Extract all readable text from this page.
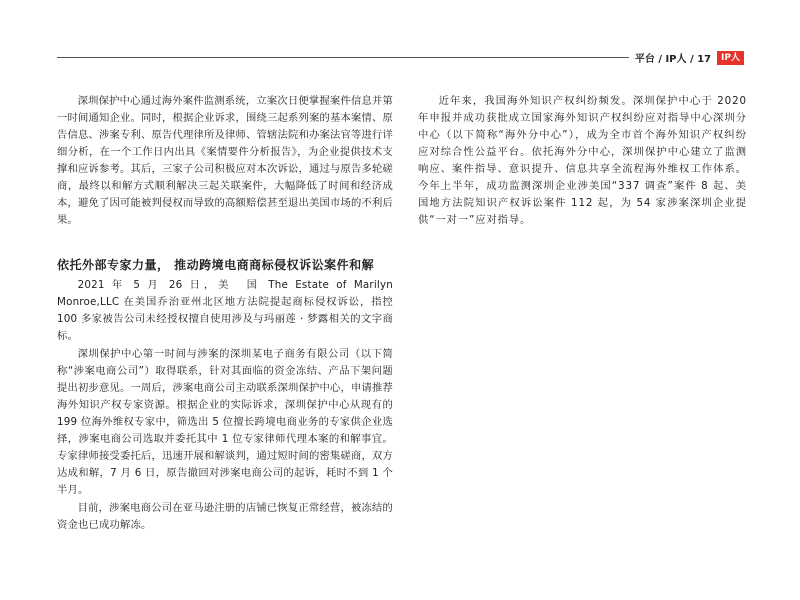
平台 / IP人 / 17	IP人

深圳保护中心通过海外案件监测系统，立案次日便掌握案件信息并第一时间通知企业。同时，根据企业诉求，围绕三起系列案的基本案情、原告信息、涉案专利、原告代理律所及律师、管辖法院和办案法官等进行详细分析，在一个工作日内出具《案情要件分析报告》，为企业提供技术支撑和应诉参考。其后，三家子公司积极应对本次诉讼，通过与原告多轮磋商，最终以和解方式顺利解决三起关联案件，大幅降低了时间和经济成本，避免了因可能被判侵权而导致的高额赔偿甚至退出美国市场的不利后果。

依托外部专家力量， 推动跨境电商商标侵权诉讼案件和解

2021 年 5 月 26 日，美　国 The Estate of Marilyn Monroe,LLC 在美国乔治亚州北区地方法院提起商标侵权诉讼，指控 100 多家被告公司未经授权擅自使用涉及与玛丽莲 · 梦露相关的文字商标。

深圳保护中心第一时间与涉案的深圳某电子商务有限公司（以下简称“涉案电商公司”）取得联系，针对其面临的资金冻结、产品下架问题提出初步意见。一周后，涉案电商公司主动联系深圳保护中心，申请推荐海外知识产权专家资源。根据企业的实际诉求，深圳保护中心从现有的 199 位海外维权专家中，筛选出 5 位擅长跨境电商业务的专家供企业选择，涉案电商公司选取并委托其中 1 位专家律师代理本案的和解事宜。专家律师接受委托后，迅速开展和解谈判，通过短时间的密集磋商，双方达成和解，7 月 6 日，原告撤回对涉案电商公司的起诉，耗时不到 1 个半月。

目前，涉案电商公司在亚马逊注册的店铺已恢复正常经营，被冻结的资金也已成功解冻。

近年来，我国海外知识产权纠纷频发。深圳保护中心于 2020 年申报并成功获批成立国家海外知识产权纠纷应对指导中心深圳分中心（以下简称“海外分中心”），成为全市首个海外知识产权纠纷应对综合性公益平台。依托海外分中心，深圳保护中心建立了监测响应、案件指导、意识提升、信息共享全流程海外维权工作体系。今年上半年，成功监测深圳企业涉美国“337 调查”案件 8 起、美国地方法院知识产权诉讼案件 112 起，为 54 家涉案深圳企业提供“一对一”应对指导。
